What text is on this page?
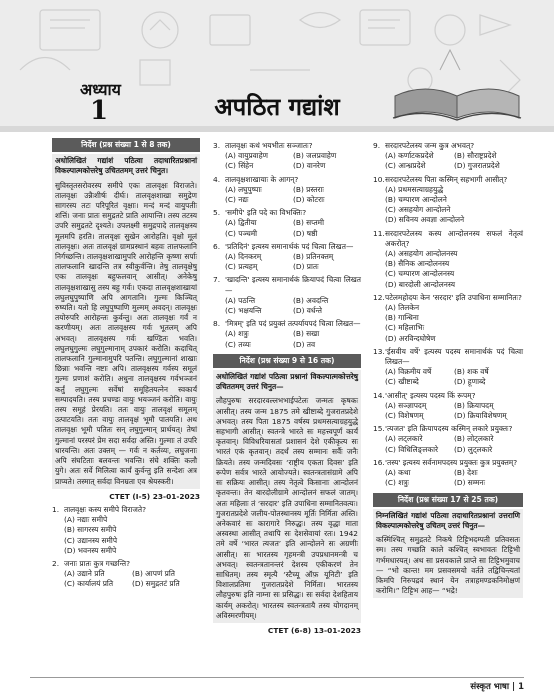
अध्याय
1	अपठित गद्यांश
निर्देश (प्रश्न संख्या 1 से 8 तक)
अधोलिखितं गद्यांशं पठित्वा तदाधारितप्रश्नानां विकल्पात्मकोत्तरेषु उचिततमम् उत्तरं चिनुत।
सुविस्तृतसरोवरस्य समीपे एकः तालवृक्षः विराजते। तालवृक्षः उन्नैःशीर्षः दीर्घः। तालवृक्षशाखा समुद्रेण सागरस्य तटः परिपूरितं वृक्षाः। मन्दं मन्दं वायुपतीः शत्तिं। जनाः प्रातः समुद्रतटे प्राति आयान्ति। तस्य तटस्य उपरि समुद्रतटे दृश्यते। उपलक्ष्मी समुद्रपादे तालवृक्षस्य मूलमपि हरति। तालवृक्षः सुखेन आरोहति। वृक्षो मूलं तालवृक्षः। अतः तालवृक्षं ग्रामप्रस्थानं बहवः तालफलानि निर्गच्छन्ति। तालवृक्षशाखामुपरि आरोहन्ति कृष्णा सर्पाः तालफलानि खादन्ति तत्र स्वीकुर्वन्ति। तेषु तालवृक्षेषु एकः तालवृक्षः बहुफलवान् आसीत्। अनेकेषु तालवृक्षशाखासु तस्य बहु गर्वः। एकदा तालवृक्षशाखायां लघुलघुपुष्पाणि अपि आगतानि। गुल्मः किञ्चित् रुष्यति। यतो हि लघुपुष्पाणि मुल्मम् अवदन्। तालवृक्षः तयोरुपरि आरोहन्तः कुर्वन्तु। अतः तालवृक्षः गर्वं न करणीयम्। अतः तालवृक्षस्य गर्वः भूतलम् अपि अभवत्। तालवृक्षस्य गर्वः खण्डितः भवति। लघुलघुगुल्मः लघुगुल्मानाम् उपकारं करोति। कदाचित् तालफलानि गुल्मानामुपरि पतन्ति। लघुगुल्मानां शाखाः छिन्नाः भवन्ति नष्टाः अपि। तालवृक्षस्य गर्वस्य समूलं गुल्मः प्रणाशं करोति। अधुना तालवृक्षस्य गर्वभञ्जनं कर्तुं लघुगुल्मः सर्वेषां समूहितयत्नेन स्वकार्यं सम्पादयति। तस्य प्रचण्डः वायुः भयञ्जनं करोति। वायुः तस्य समूहं प्रेरयति। ततः वायुः तालवृक्षं समूलम् उत्पाटयति। ततः वायुः तालवृक्षं भूमौ पातयति। अथ तालवृक्षः भूमौ पतितः सन् लघुगुल्मान् प्रार्थयत्। तेषां गुल्मानां परस्परं प्रेम सदा सर्वदा अस्ति। गुल्माः तं उपरि धारयन्ति। अतः उक्तम् — गर्वः न कर्तव्यः, लघुजनाः अपि संघटिताः बलवन्तः भवन्ति। संघे शक्तिः कलौ युगे। अतः सर्वे मिलित्वा कार्यं कुर्वन्तु इति सन्देशः अत्र प्राप्यते। तस्मात् सर्वदा विनम्रता एव श्रेयस्करी।
CTET (I-5) 23-01-2023
1. तालवृक्षः कस्य समीपे विराजते?
(A) नद्याः समीपे
(B) सागरस्य समीपे
(C) उद्यानस्य समीपे
(D) भवनस्य समीपे
2. जनाः प्रातः कुत्र गच्छन्ति?
(A) उद्याने प्रति	(B) आपणं प्रति
(C) कार्यालयं प्रति	(D) समुद्रतटं प्रति
3. तालवृक्षः कथं भयभीतः सञ्जातः?
(A) वायुप्रवाहेण	(B) जलप्रवाहेण
(C) सिंहेन	(D) वानरेण
4. तालवृक्षशाखायाः के आगन्?
(A) लघुपुष्पाः	(B) प्रस्तराः
(C) नद्यः	(D) कोटराः
5. 'समीपे' इति पदे का विभक्तिः?
(A) द्वितीया	(B) सप्तमी
(C) पञ्चमी	(D) षष्ठी
6. 'प्रतिदिनं' इत्यस्य समानार्थकं पदं चित्वा लिखत—
(A) दिनकरम्	(B) प्रतिनक्तम्
(C) प्रत्यहम्	(D) प्रातः
7. 'खादन्ति' इत्यस्य समानार्थकं क्रियापदं चित्वा लिखत—
(A) पठन्ति	(B) अवदन्ति
(C) भक्षयन्ति	(D) वर्धन्ते
8. 'मित्रम्' इति पदं प्रयुक्तं तत्पर्यायपदं चित्वा लिखत—
(A) शत्रुः	(B) सखा
(C) तव्यः	(D) तव
निर्देश (प्रश्न संख्या 9 से 16 तक)
अधोलिखितं गद्यांशं पठित्वा प्रश्नानां विकल्पात्मकोत्तरेषु उचिततमम् उत्तरं चिनुत—
लौहपुरुषः सरदारवल्लभभाईपटेलः जन्मतः कृषकः आसीत्। तस्य जन्म 1875 तमे खीष्टाब्दे गुजरातप्रदेशे अभवत्। तस्य पिता 1875 वर्षस्य प्रथमसत्याग्रहयुद्धे सहभागी आसीत्। स्वतन्त्रे भारते सः महत्त्वपूर्णं कार्यं कृतवान्। विविधरियासतां प्रशासनं देशे एकीकृत्य सः भारतं एकं कृतवान्। तदर्थं तस्य सम्मानः सर्वैः जनैः क्रियते। तस्य जन्मदिवसः ‘राष्ट्रीय एकता दिवस’ इति रूपेण सर्वत्र भारते आयोज्यते। स्वतन्त्रतासंग्रामे अपि सः सक्रियः आसीत्। तस्य नेतृत्वे किसानाः आन्दोलनं कृतवन्तः। तेन बारदोलीग्रामे आन्दोलनं सफलं जातम्। अतः महिलाः तं ‘सरदार’ इति उपाधिना सम्मानितवत्यः। गुजरातप्रदेशे जलीय-पोतस्थानस्य मूर्तिः निर्मिता अस्ति। अनेकवारं सः कारागारे निरुद्धः। तस्य वृद्धा माता अस्वस्था आसीत् तथापि सः देशसेवायां रतः। 1942 तमे वर्षे ‘भारत त्यजत’ इति आन्दोलने सः अग्रणीः आसीत्। सः भारतस्य गृहमन्त्री उपप्रधानमन्त्री च अभवत्। स्वतन्त्रतानन्तरं देशस्य एकीकरणं तेन साधितम्। तस्य स्मृत्यै ‘स्टैच्यू ऑफ़ यूनिटी’ इति विशालप्रतिमा गुजरातप्रदेशे निर्मिता। भारतस्य लौहपुरुषः इति नाम्ना सः प्रसिद्धः। सः सर्वदा देशहिताय कार्यम् अकरोत्। भारतस्य स्वतन्त्रतायै तस्य योगदानम् अविस्मरणीयम्।
CTET (6-8) 13-01-2023
9. सरदारपटेलस्य जन्म कुत्र अभवत्?
(A) कर्णाटकप्रदेशे	(B) सौराष्ट्रप्रदेशे
(C) आन्ध्रप्रदेशे	(D) गुजरातप्रदेशे
10. सरदारपटेलस्य पिता कस्मिन् सहभागी आसीत्?
(A) प्रथमसत्याग्रहयुद्धे
(B) चम्पारण आन्दोलने
(C) असहयोग आन्दोलने
(D) सविनय अवज्ञा आन्दोलने
11. सरदारपटेलस्य कस्य आन्दोलनस्य सफलं नेतृत्वं अकरोत्?
(A) असहयोग आन्दोलनस्य
(B) सैनिक आन्दोलनस्य
(C) चम्पारण आन्दोलनस्य
(D) बारदोली आन्दोलनस्य
12. पटेलमहोदयः केन 'सरदार' इति उपाधिना सम्मानितः?
(A) तिलकेन
(B) गान्धिना
(C) महिलाभिः
(D) अरविन्दघोषेण
13. 'ईसवीय वर्षे' इत्यस्य पदस्य समानार्थकं पदं चित्वा लिखत—
(A) विक्रमीय वर्षे	(B) शक वर्षे
(C) खीष्टाब्दे	(D) हूणाब्दे
14. 'आसीत्' इत्यस्य पदस्य किं रूपम्?
(A) सञ्ज्ञापदम्	(B) क्रियापदम्
(C) विशेषणम्	(D) क्रियाविशेषणम्
15. 'त्यजत' इति क्रियापदस्य कस्मिन् लकारे प्रयुक्तः?
(A) लट्लकारे	(B) लोट्लकारे
(C) विधिलिङ्लकारे	(D) लुट्लकारे
16. 'तस्य' इत्यस्य सर्वनामपदस्य प्रयुक्तः कुत्र प्रयुक्तम्?
(A) कथा	(B) देशः
(C) शत्रुः	(D) सम्मनः
निर्देश (प्रश्न संख्या 17 से 25 तक)
निम्नलिखितं गद्यांशं पठित्वा तदाधारितप्रश्नानां उत्तराणि विकल्पात्मकोत्तरेषु उचितम् उत्तरं चिनुत—
कस्मिंश्चित् समुद्रतटे निकषे टिट्टिभदम्पती प्रतिवसतः स्म। तस्य गच्छति काले कश्चित् स्वभावतः टिट्टिभी गर्भमधारयत्। अथ सा प्रसवकाले प्राप्ते सा टिट्टिभमुवाच— “भो कान्त! मम प्रसवसमयो वर्तते तद्विचिन्त्यतां किमपि निरुपद्रवं स्थानं येन तत्राहमण्डकनिमोक्षणं करोमि।” टिट्टिभ आह— “भद्रे!
संस्कृत भाषा | 1
